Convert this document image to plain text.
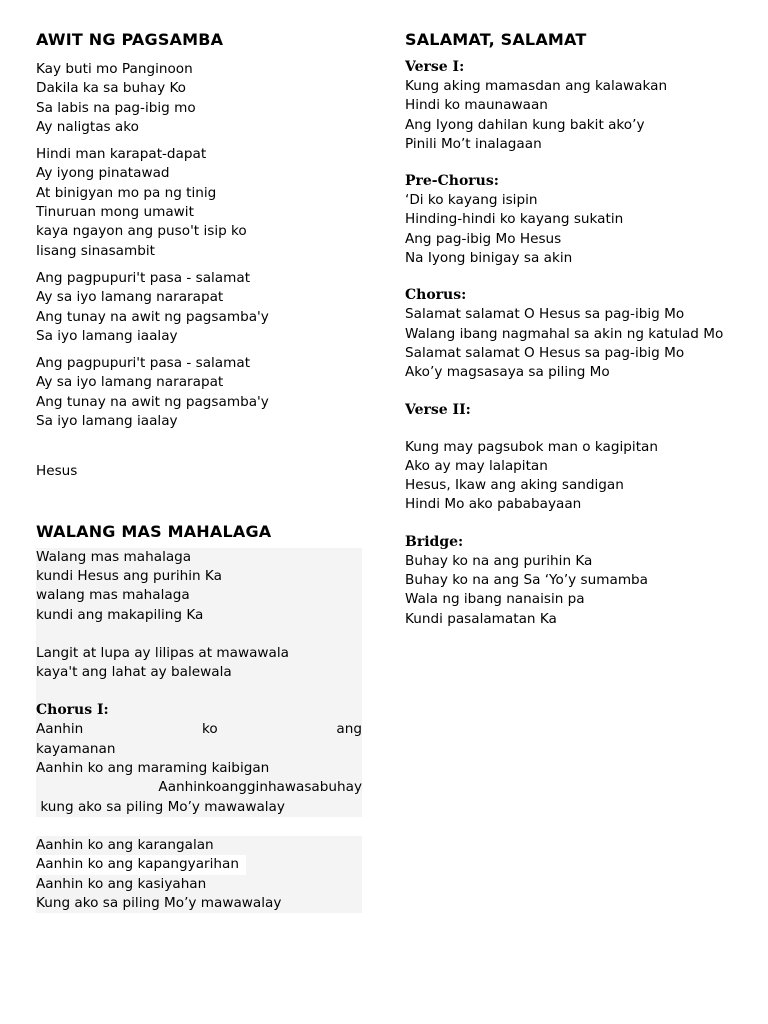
AWIT NG PAGSAMBA
Kay buti mo Panginoon
Dakila ka sa buhay Ko
Sa labis na pag-ibig mo
Ay naligtas ako
Hindi man karapat-dapat
Ay iyong pinatawad
At binigyan mo pa ng tinig
Tinuruan mong umawit
kaya ngayon ang puso't isip ko
Iisang sinasambit
Ang pagpupuri't pasa - salamat
Ay sa iyo lamang nararapat
Ang tunay na awit ng pagsamba'y
Sa iyo lamang iaalay
Ang pagpupuri't pasa - salamat
Ay sa iyo lamang nararapat
Ang tunay na awit ng pagsamba'y
Sa iyo lamang iaalay
Hesus
WALANG MAS MAHALAGA
Walang mas mahalaga
kundi Hesus ang purihin Ka
walang mas mahalaga
kundi ang makapiling Ka
Langit at lupa ay lilipas at mawawala
kaya't ang lahat ay balewala
Chorus I:
Aanhin	ko	ang
kayamanan
Aanhin ko ang maraming kaibigan
Aanhinkoangginhawasabuhay
kung ako sa piling Mo’y mawawalay
Aanhin ko ang karangalan
Aanhin ko ang kapangyarihan
Aanhin ko ang kasiyahan
Kung ako sa piling Mo’y mawawalay
SALAMAT, SALAMAT
Verse I:
Kung aking mamasdan ang kalawakan
Hindi ko maunawaan
Ang Iyong dahilan kung bakit ako’y
Pinili Mo’t inalagaan
Pre-Chorus:
‘Di ko kayang isipin
Hinding-hindi ko kayang sukatin
Ang pag-ibig Mo Hesus
Na Iyong binigay sa akin
Chorus:
Salamat salamat O Hesus sa pag-ibig Mo
Walang ibang nagmahal sa akin ng katulad Mo
Salamat salamat O Hesus sa pag-ibig Mo
Ako’y magsasaya sa piling Mo
Verse II:
Kung may pagsubok man o kagipitan
Ako ay may lalapitan
Hesus, Ikaw ang aking sandigan
Hindi Mo ako pababayaan
Bridge:
Buhay ko na ang purihin Ka
Buhay ko na ang Sa ‘Yo’y sumamba
Wala ng ibang nanaisin pa
Kundi pasalamatan Ka
